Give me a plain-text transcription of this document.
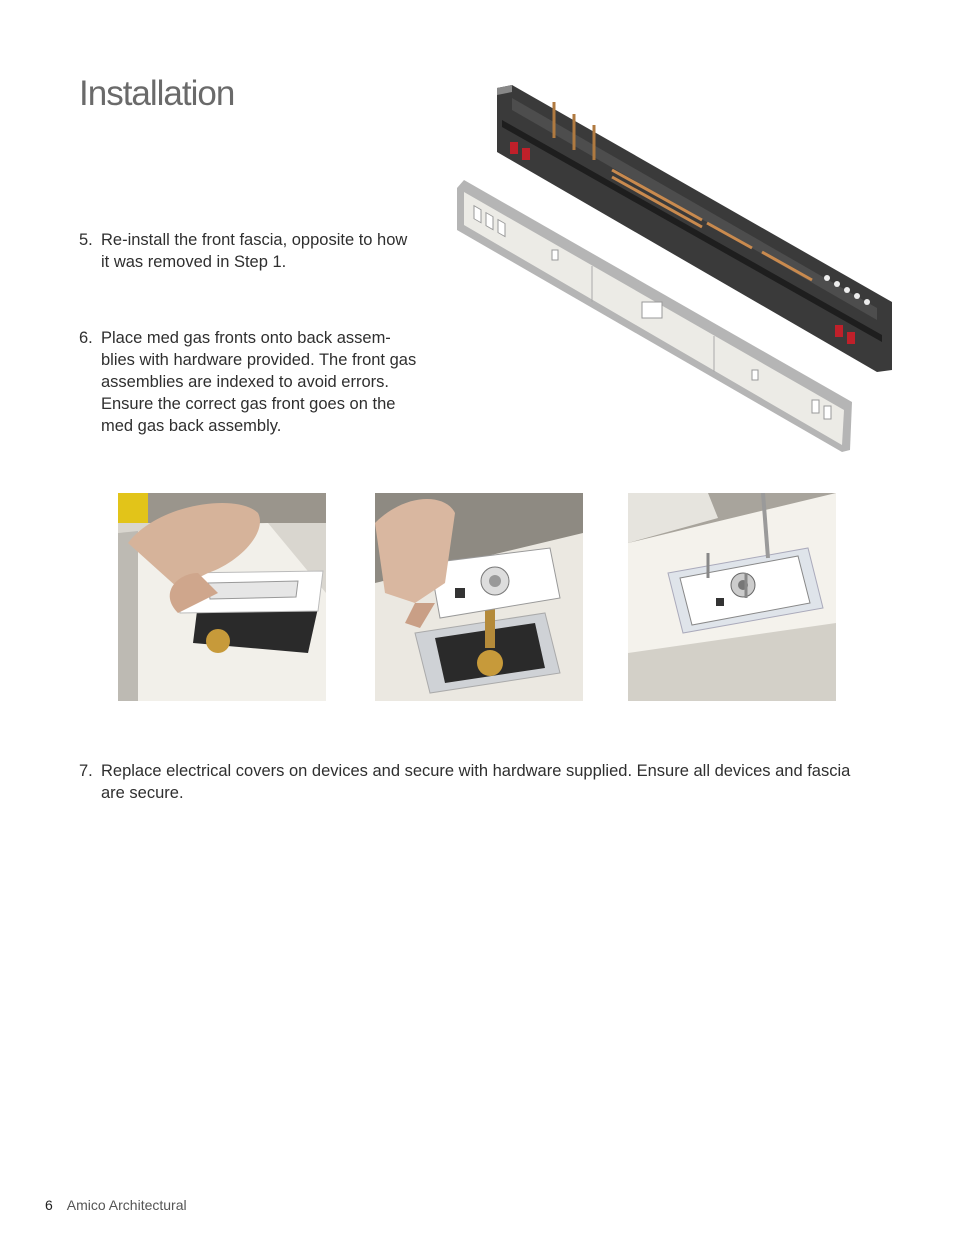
Installation
5. Re-install the front fascia, opposite to how it was removed in Step 1.
6. Place med gas fronts onto back assem-blies with hardware provided. The front gas assemblies are indexed to avoid errors. Ensure the correct gas front goes on the med gas back assembly.
7. Replace electrical covers on devices and secure with hardware supplied. Ensure all devices and fascia are secure.
6 Amico Architectural
